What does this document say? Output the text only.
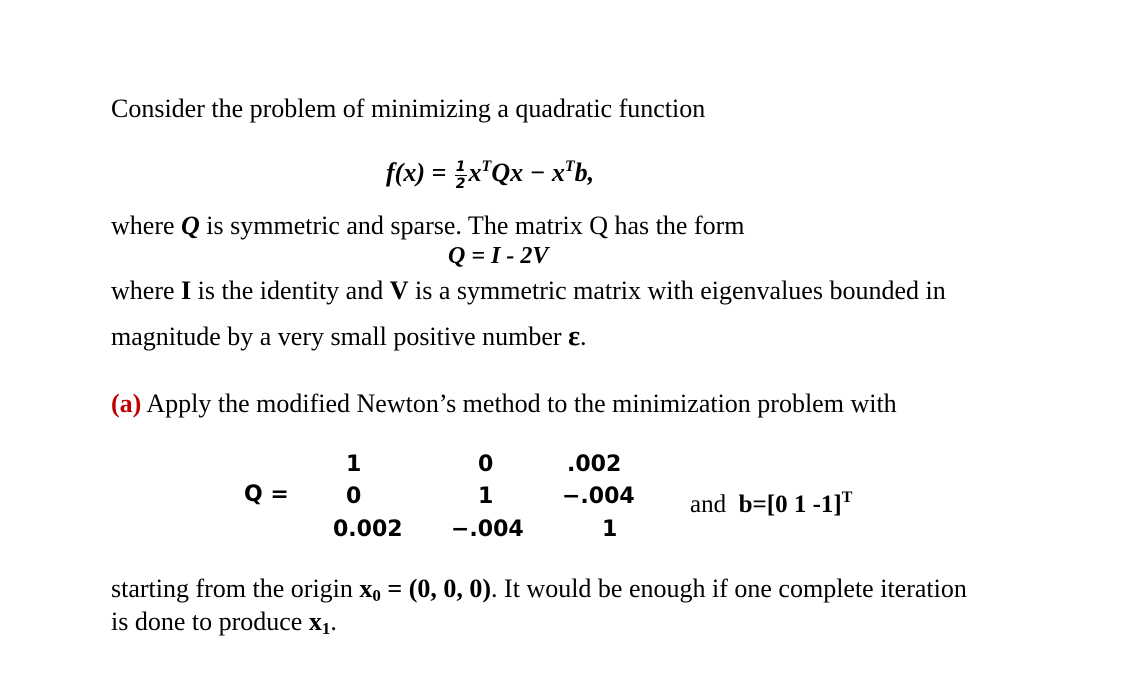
Consider the problem of minimizing a quadratic function
$f(x) = \frac{1}{2} x^TQx - x^Tb$,
where Q is symmetric and sparse. The matrix Q has the form
Q = I - 2V
where I is the identity and V is a symmetric matrix with eigenvalues bounded in
magnitude by a very small positive number ε.
(a) Apply the modified Newton’s method to the minimization problem with
Q =
1	0	.002
0	1	−.004
0.002 −.004	1
and b=[0 1 -1]$^T$
starting from the origin $x_0 = (0$, 0, 0). It would be enough if one complete iteration
is done to produce $x_1$.
